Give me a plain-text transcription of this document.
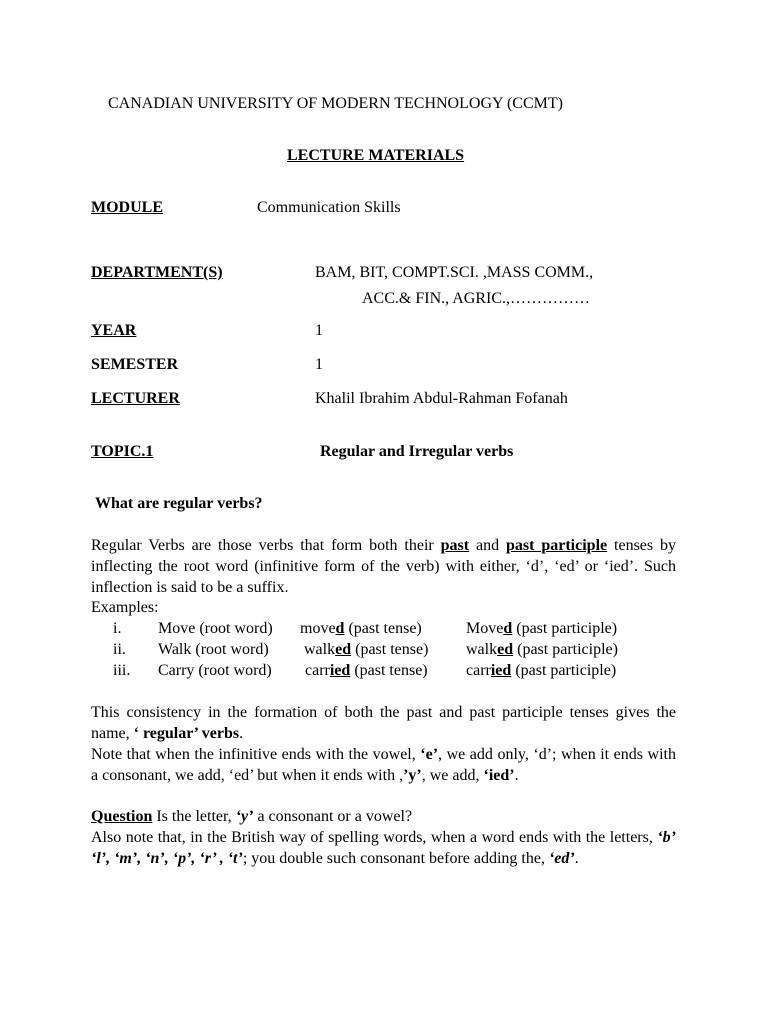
CANADIAN UNIVERSITY OF MODERN TECHNOLOGY (CCMT)
LECTURE MATERIALS
MODULE	Communication Skills
DEPARTMENT(S)	BAM, BIT, COMPT.SCI. ,MASS COMM.,
ACC.& FIN., AGRIC.,……………
YEAR	1
SEMESTER	1
LECTURER	Khalil Ibrahim Abdul-Rahman Fofanah
TOPIC.1	Regular and Irregular verbs
What are regular verbs?

Regular Verbs are those verbs that form both their past and past participle tenses by inflecting the root word (infinitive form of the verb) with either, ‘d’, ‘ed’ or ‘ied’. Such inflection is said to be a suffix.

Examples:
i. Move (root word) moved (past tense)	Moved (past participle)
ii. Walk (root word) walked (past tense) walked (past participle)
iii. Carry (root word) carried (past tense) carried (past participle)

This consistency in the formation of both the past and past participle tenses gives the name, ‘ regular’ verbs.

Note that when the infinitive ends with the vowel, ‘e’, we add only, ‘d’; when it ends with a consonant, we add, ‘ed’ but when it ends with ,’y’, we add, ‘ied’.

Question Is the letter, ‘y’ a consonant or a vowel?

Also note that, in the British way of spelling words, when a word ends with the letters, ‘b’ ‘l’, ‘m’, ‘n’, ‘p’, ‘r’ , ‘t’; you double such consonant before adding the, ‘ed’.
